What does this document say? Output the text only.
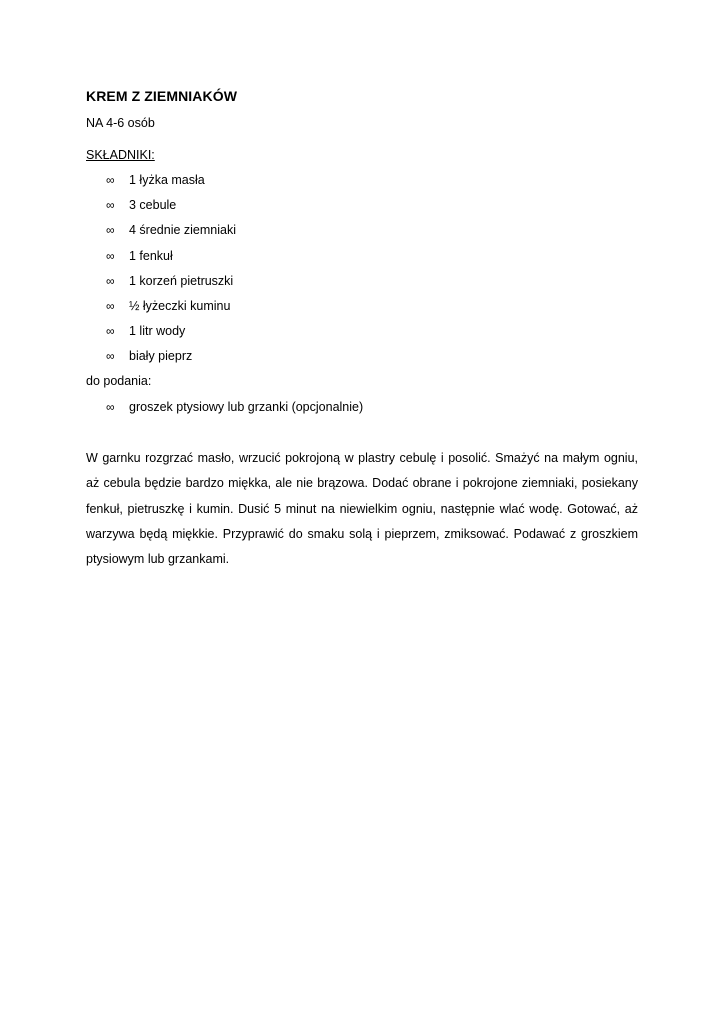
KREM Z ZIEMNIAKÓW
NA 4-6 osób
SKŁADNIKI:
∞ 1 łyżka masła
∞ 3 cebule
∞ 4 średnie ziemniaki
∞ 1 fenkuł
∞ 1 korzeń pietruszki
∞ ½ łyżeczki kuminu
∞ 1 litr wody
∞ biały pieprz
do podania:
∞ groszek ptysiowy lub grzanki (opcjonalnie)

W garnku rozgrzać masło, wrzucić pokrojoną w plastry cebulę i posolić. Smażyć na małym ogniu, aż cebula będzie bardzo miękka, ale nie brązowa. Dodać obrane i pokrojone ziemniaki, posiekany fenkuł, pietruszkę i kumin. Dusić 5 minut na niewielkim ogniu, następnie wlać wodę. Gotować, aż warzywa będą miękkie. Przyprawić do smaku solą i pieprzem, zmiksować. Podawać z groszkiem ptysiowym lub grzankami.
